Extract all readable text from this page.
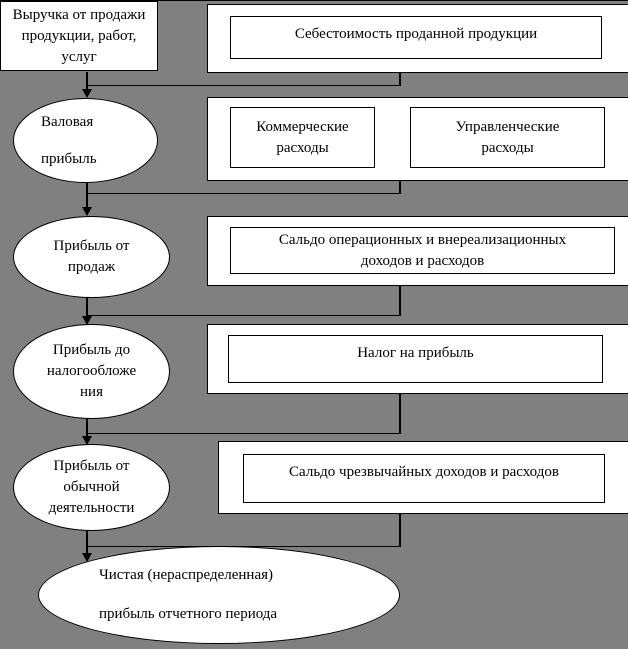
Выручка от продажи
продукции, работ,
услуг
Себестоимость проданной продукции
Валовая
прибыль
Коммерческие
расходы
Управленческие
расходы
Прибыль от
продаж
Сальдо операционных и внереализационных
доходов и расходов
Прибыль до
налогообложе
ния
Налог на прибыль
Прибыль от
обычной
деятельности
Сальдо чрезвычайных доходов и расходов
Чистая (нераспределенная)
прибыль отчетного периода
